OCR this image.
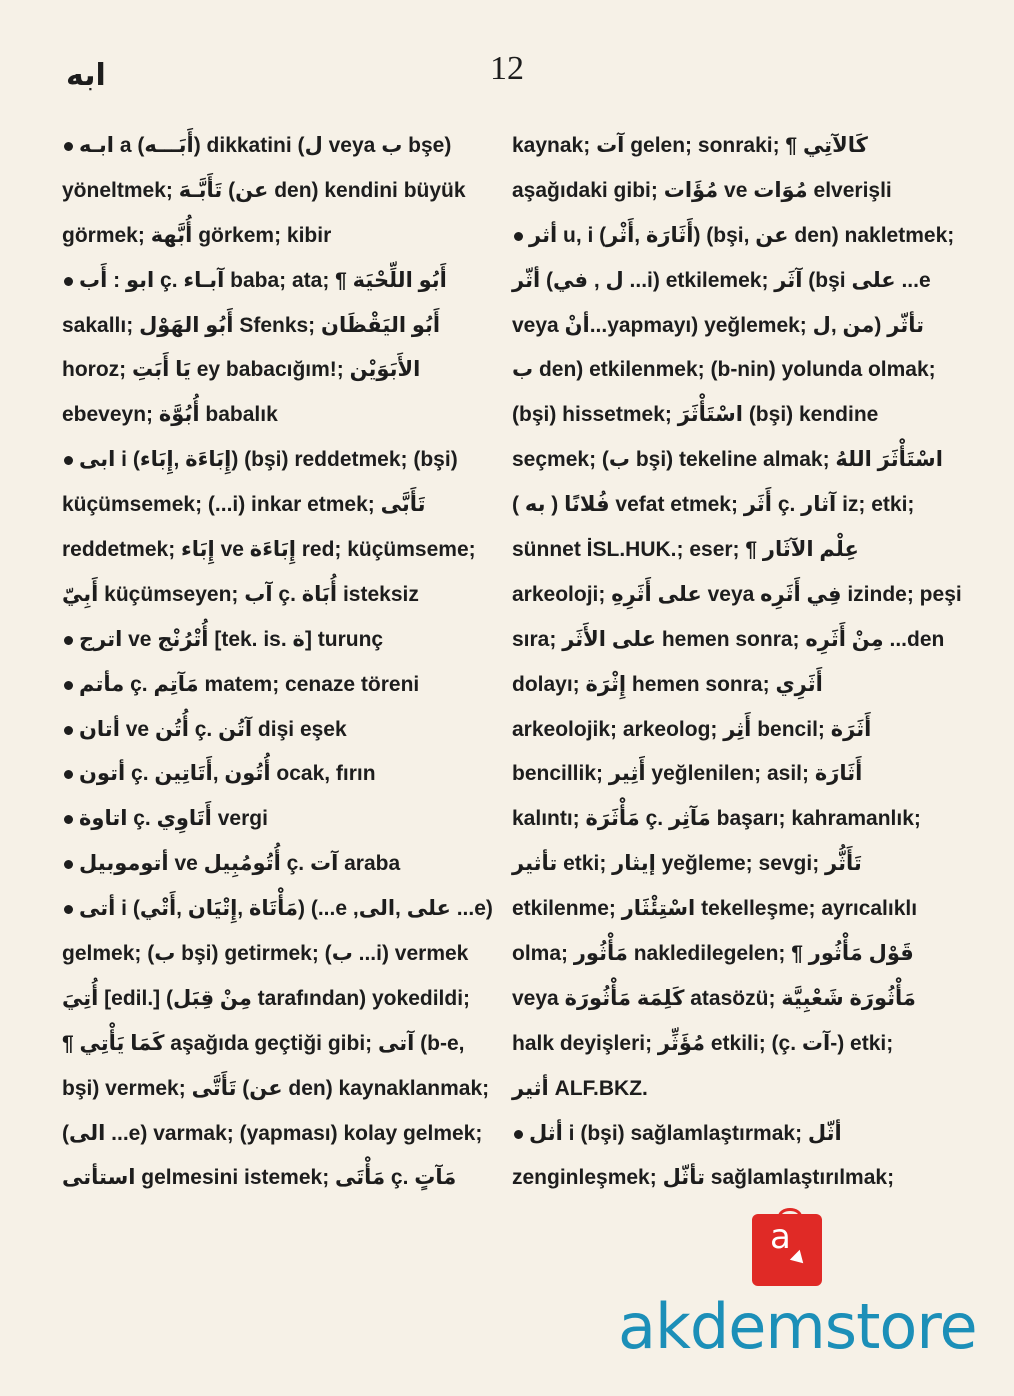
12
ابه
ابـه a (أَبَـــه) dikkatini (ل veya ب bşe)
yöneltmek; تَأَبَّـهَ (عن den) kendini büyük
görmek; أُبَّهة görkem; kibir
ابو : أَب ç. آبـاء baba; ata; ¶ أَبُو اللِّحْيَة
sakallı; أَبُو الهَوْل Sfenks; أَبُو اليَقْظَان
horoz; يَا أَبَتِ ey babacığım!; الأَبَوَيْن
ebeveyn; أُبُوَّة babalık
ابى i (إِبَاءَة ,إِبَاء) (bşi) reddetmek; (bşi)
küçümsemek; (...i) inkar etmek; تَأَبَّى
reddetmek; إِبَاء ve إِبَاءَة red; küçümseme;
أَبِيّ küçümseyen; آب ç. أُبَاة isteksiz
اترج ve أُتْرُنْج [tek. is. ة] turunç
مأتم ç. مَآتِم matem; cenaze töreni
أتان ve أُتُن ç. آتُن dişi eşek
أتون ç. أُتُون ,أَتَاتِين ocak, fırın
اتاوة ç. أَتَاوِي vergi
أتوموبيل ve أُتُومُبِيل ç. آت araba
أتى i (مَأْتَاة ,إِتْيَان ,أَتْي) (...e ,على ,الى ...e)
gelmek; (ب bşi) getirmek; (ب ...i) vermek
أُتِيَ [edil.] (مِنْ قِبَل tarafından) yokedildi;
¶ كَمَا يَأْتِي aşağıda geçtiği gibi; آتى (b-e,
bşi) vermek; تَأَتَّى (عن den) kaynaklanmak;
(الى ...e) varmak; (yapması) kolay gelmek;
استأتى gelmesini istemek; مَأْتَى ç. مَآتٍ
kaynak; آت gelen; sonraki; ¶ كَالآتِي
aşağıdaki gibi; مُؤَات ve مُوَات elverişli
أثر u, i (أَثَارَة ,أَثْر) (bşi, عن den) nakletmek;
أثّر (ل , في ...i) etkilemek; آثَر (bşi على ...e
veya أنْ...yapmayı) yeğlemek; تأثّر (من ,ل
ب den) etkilenmek; (b-nin) yolunda olmak;
(bşi) hissetmek; اسْتَأْثَرَ (bşi) kendine
seçmek; (ب bşi) tekeline almak; اسْتَأْثَرَ اللهُ
( به ) فُلانًا vefat etmek; أَثَر ç. آثار iz; etki;
sünnet İSL.HUK.; eser; ¶ عِلْم الآثَار
arkeoloji; على أَثَرِهِ veya فِي أَثَرِه izinde; peşi
sıra; على الأَثَر hemen sonra; مِنْ أَثَرِه ...den
dolayı; إِثْرَة hemen sonra; أَثَرِي
arkeolojik; arkeolog; أَثِر bencil; أَثَرَة
bencillik; أَثِير yeğlenilen; asil; أَثَارَة
kalıntı; مَأْثَرَة ç. مَآثِر başarı; kahramanlık;
تأثير etki; إيثار yeğleme; sevgi; تَأَثُّر
etkilenme; اسْتِئْثَار tekelleşme; ayrıcalıklı
olma; مَأْثُور nakledilegelen; ¶ قَوْل مَأْثُور
veya كَلِمَة مَأْثُورَة atasözü; مَأْثُورَة شَعْبِيَّة
halk deyişleri; مُؤَثِّر etkili; (ç. آت-) etki;
أثير ALF.BKZ.
أثل i (bşi) sağlamlaştırmak; أثّل
zenginleşmek; تأثّل sağlamlaştırılmak;
a
akdemstore
